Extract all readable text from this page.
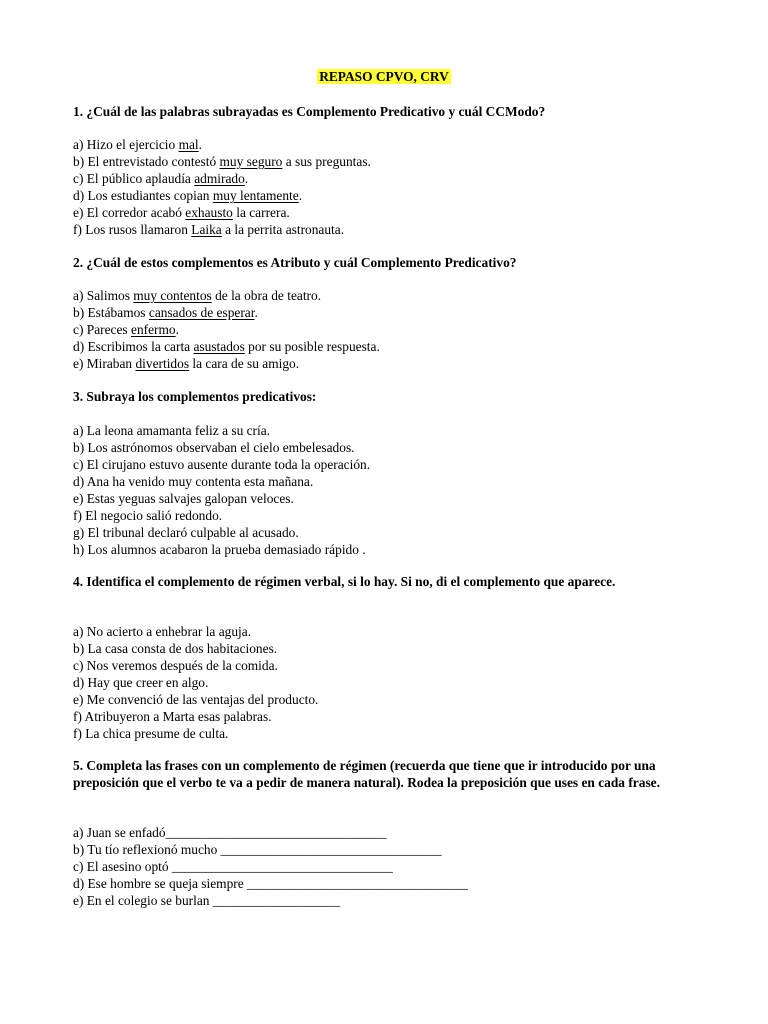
REPASO CPVO, CRV

1. ¿Cuál de las palabras subrayadas es Complemento Predicativo y cuál CCModo?

a) Hizo el ejercicio mal.
b) El entrevistado contestó muy seguro a sus preguntas.
c) El público aplaudía admirado.
d) Los estudiantes copian muy lentamente.
e) El corredor acabó exhausto la carrera.
f) Los rusos llamaron Laika a la perrita astronauta.

2. ¿Cuál de estos complementos es Atributo y cuál Complemento Predicativo?

a) Salimos muy contentos de la obra de teatro.
b) Estábamos cansados de esperar.
c) Pareces enfermo.
d) Escribimos la carta asustados por su posible respuesta.
e) Miraban divertidos la cara de su amigo.

3. Subraya los complementos predicativos:

a) La leona amamanta feliz a su cría.
b) Los astrónomos observaban el cielo embelesados.
c) El cirujano estuvo ausente durante toda la operación.
d) Ana ha venido muy contenta esta mañana.
e) Estas yeguas salvajes galopan veloces.
f) El negocio salió redondo.
g) El tribunal declaró culpable al acusado.
h) Los alumnos acabaron la prueba demasiado rápido .

4. Identifica el complemento de régimen verbal, si lo hay. Si no, di el complemento que aparece.

a) No acierto a enhebrar la aguja.
b) La casa consta de dos habitaciones.
c) Nos veremos después de la comida.
d) Hay que creer en algo.
e) Me convenció de las ventajas del producto.
f) Atribuyeron a Marta esas palabras.
f) La chica presume de culta.

5. Completa las frases con un complemento de régimen (recuerda que tiene que ir introducido por una preposición que el verbo te va a pedir de manera natural). Rodea la preposición que uses en cada frase.

a) Juan se enfadó_________________________________
b) Tu tío reflexionó mucho _________________________________
c) El asesino optó _________________________________
d) Ese hombre se queja siempre _________________________________
e) En el colegio se burlan ___________________
